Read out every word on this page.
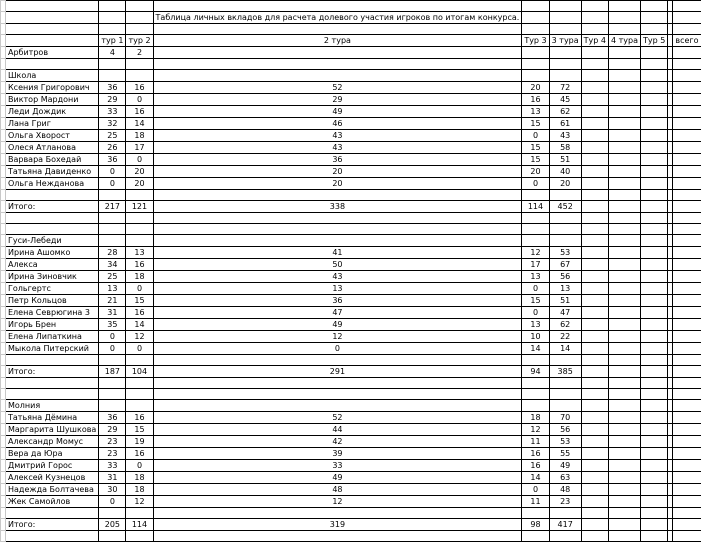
				Таблица личных вкладов для расчета долевого участия игроков по итогам конкурса.									

		тур 1	тур 2	2 тура	Тур 3	3 тура	Тур 4	4 тура	Тур 5		всего		
	Арбитров	4	2										

	Школа												
	Ксения Григорович	36	16	52	20	72							
	Виктор Мардони	29	0	29	16	45							
	Леди Дождик	33	16	49	13	62							
	Лана Григ	32	14	46	15	61							
	Ольга Хворост	25	18	43	0	43							
	Олеся Атланова	26	17	43	15	58							
	Варвара Бохедай	36	0	36	15	51							
	Татьяна Давиденко	0	20	20	20	40							
	Ольга Нежданова	0	20	20	0	20							

	Итого:	217	121	338	114	452							

	Гуси-Лебеди												
	Ирина Ашомко	28	13	41	12	53							
	Алекса	34	16	50	17	67							
	Ирина Зиновчик	25	18	43	13	56							
	Гольгертс	13	0	13	0	13							
	Петр Кольцов	21	15	36	15	51							
	Елена Севрюгина 3	31	16	47	0	47							
	Игорь Брен	35	14	49	13	62							
	Елена Липаткина	0	12	12	10	22							
	Мыкола Питерский	0	0	0	14	14							

	Итого:	187	104	291	94	385							

	Молния												
	Татьяна Дёмина	36	16	52	18	70							
	Маргарита Шушкова	29	15	44	12	56							
	Александр Момус	23	19	42	11	53							
	Вера да Юра	23	16	39	16	55							
	Дмитрий Горос	33	0	33	16	49							
	Алексей Кузнецов	31	18	49	14	63							
	Надежда Болтачева	30	18	48	0	48							
	Жек Самойлов	0	12	12	11	23							

	Итого:	205	114	319	98	417							
